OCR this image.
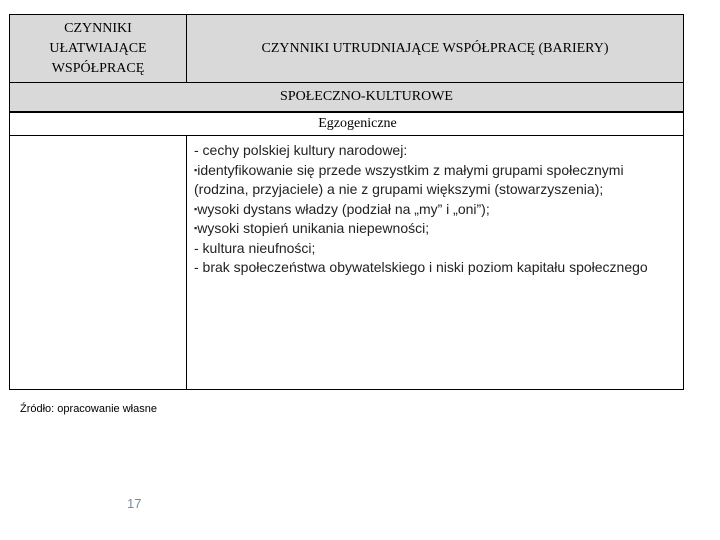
CZYNNIKI
UŁATWIAJĄCE
WSPÓŁPRACĘ
CZYNNIKI UTRUDNIAJĄCE WSPÓŁPRACĘ (BARIERY)
SPOŁECZNO-KULTUROWE
Egzogeniczne

- cechy polskiej kultury narodowej:

▪identyfikowanie się przede wszystkim z małymi grupami społecznymi (rodzina, przyjaciele) a nie z grupami większymi (stowarzyszenia);

▪wysoki dystans władzy (podział na „my” i „oni”);

▪wysoki stopień unikania niepewności;

- kultura nieufności;

- brak społeczeństwa obywatelskiego i niski poziom kapitału społecznego

Źródło: opracowanie własne
17
